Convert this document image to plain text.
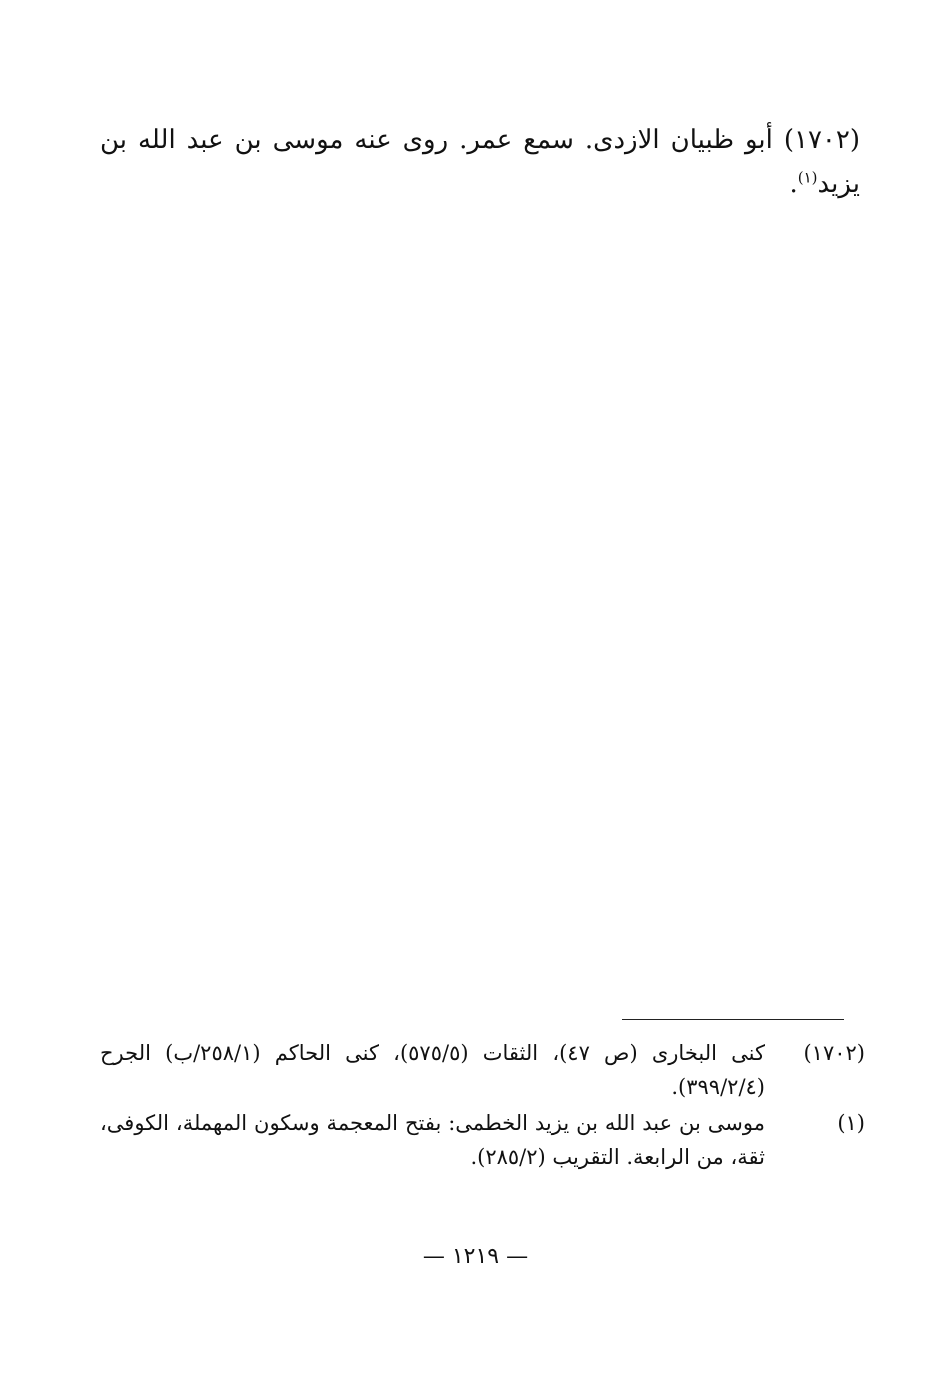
(١٧٠٢) أبو ظبيان الازدى. سمع عمر. روى عنه موسى بن عبد الله بن يزيد$^{(١)}$.
(١٧٠٢)
كنى البخارى (ص ٤٧)، الثقات (٥٧٥/٥)، كنى الحاكم (٢٥٨/١/ب) الجرح (٣٩٩/٢/٤).
(١)
موسى بن عبد الله بن يزيد الخطمى: بفتح المعجمة وسكون المهملة، الكوفى، ثقة، من الرابعة. التقريب (٢٨٥/٢).
— ١٢١٩ —
